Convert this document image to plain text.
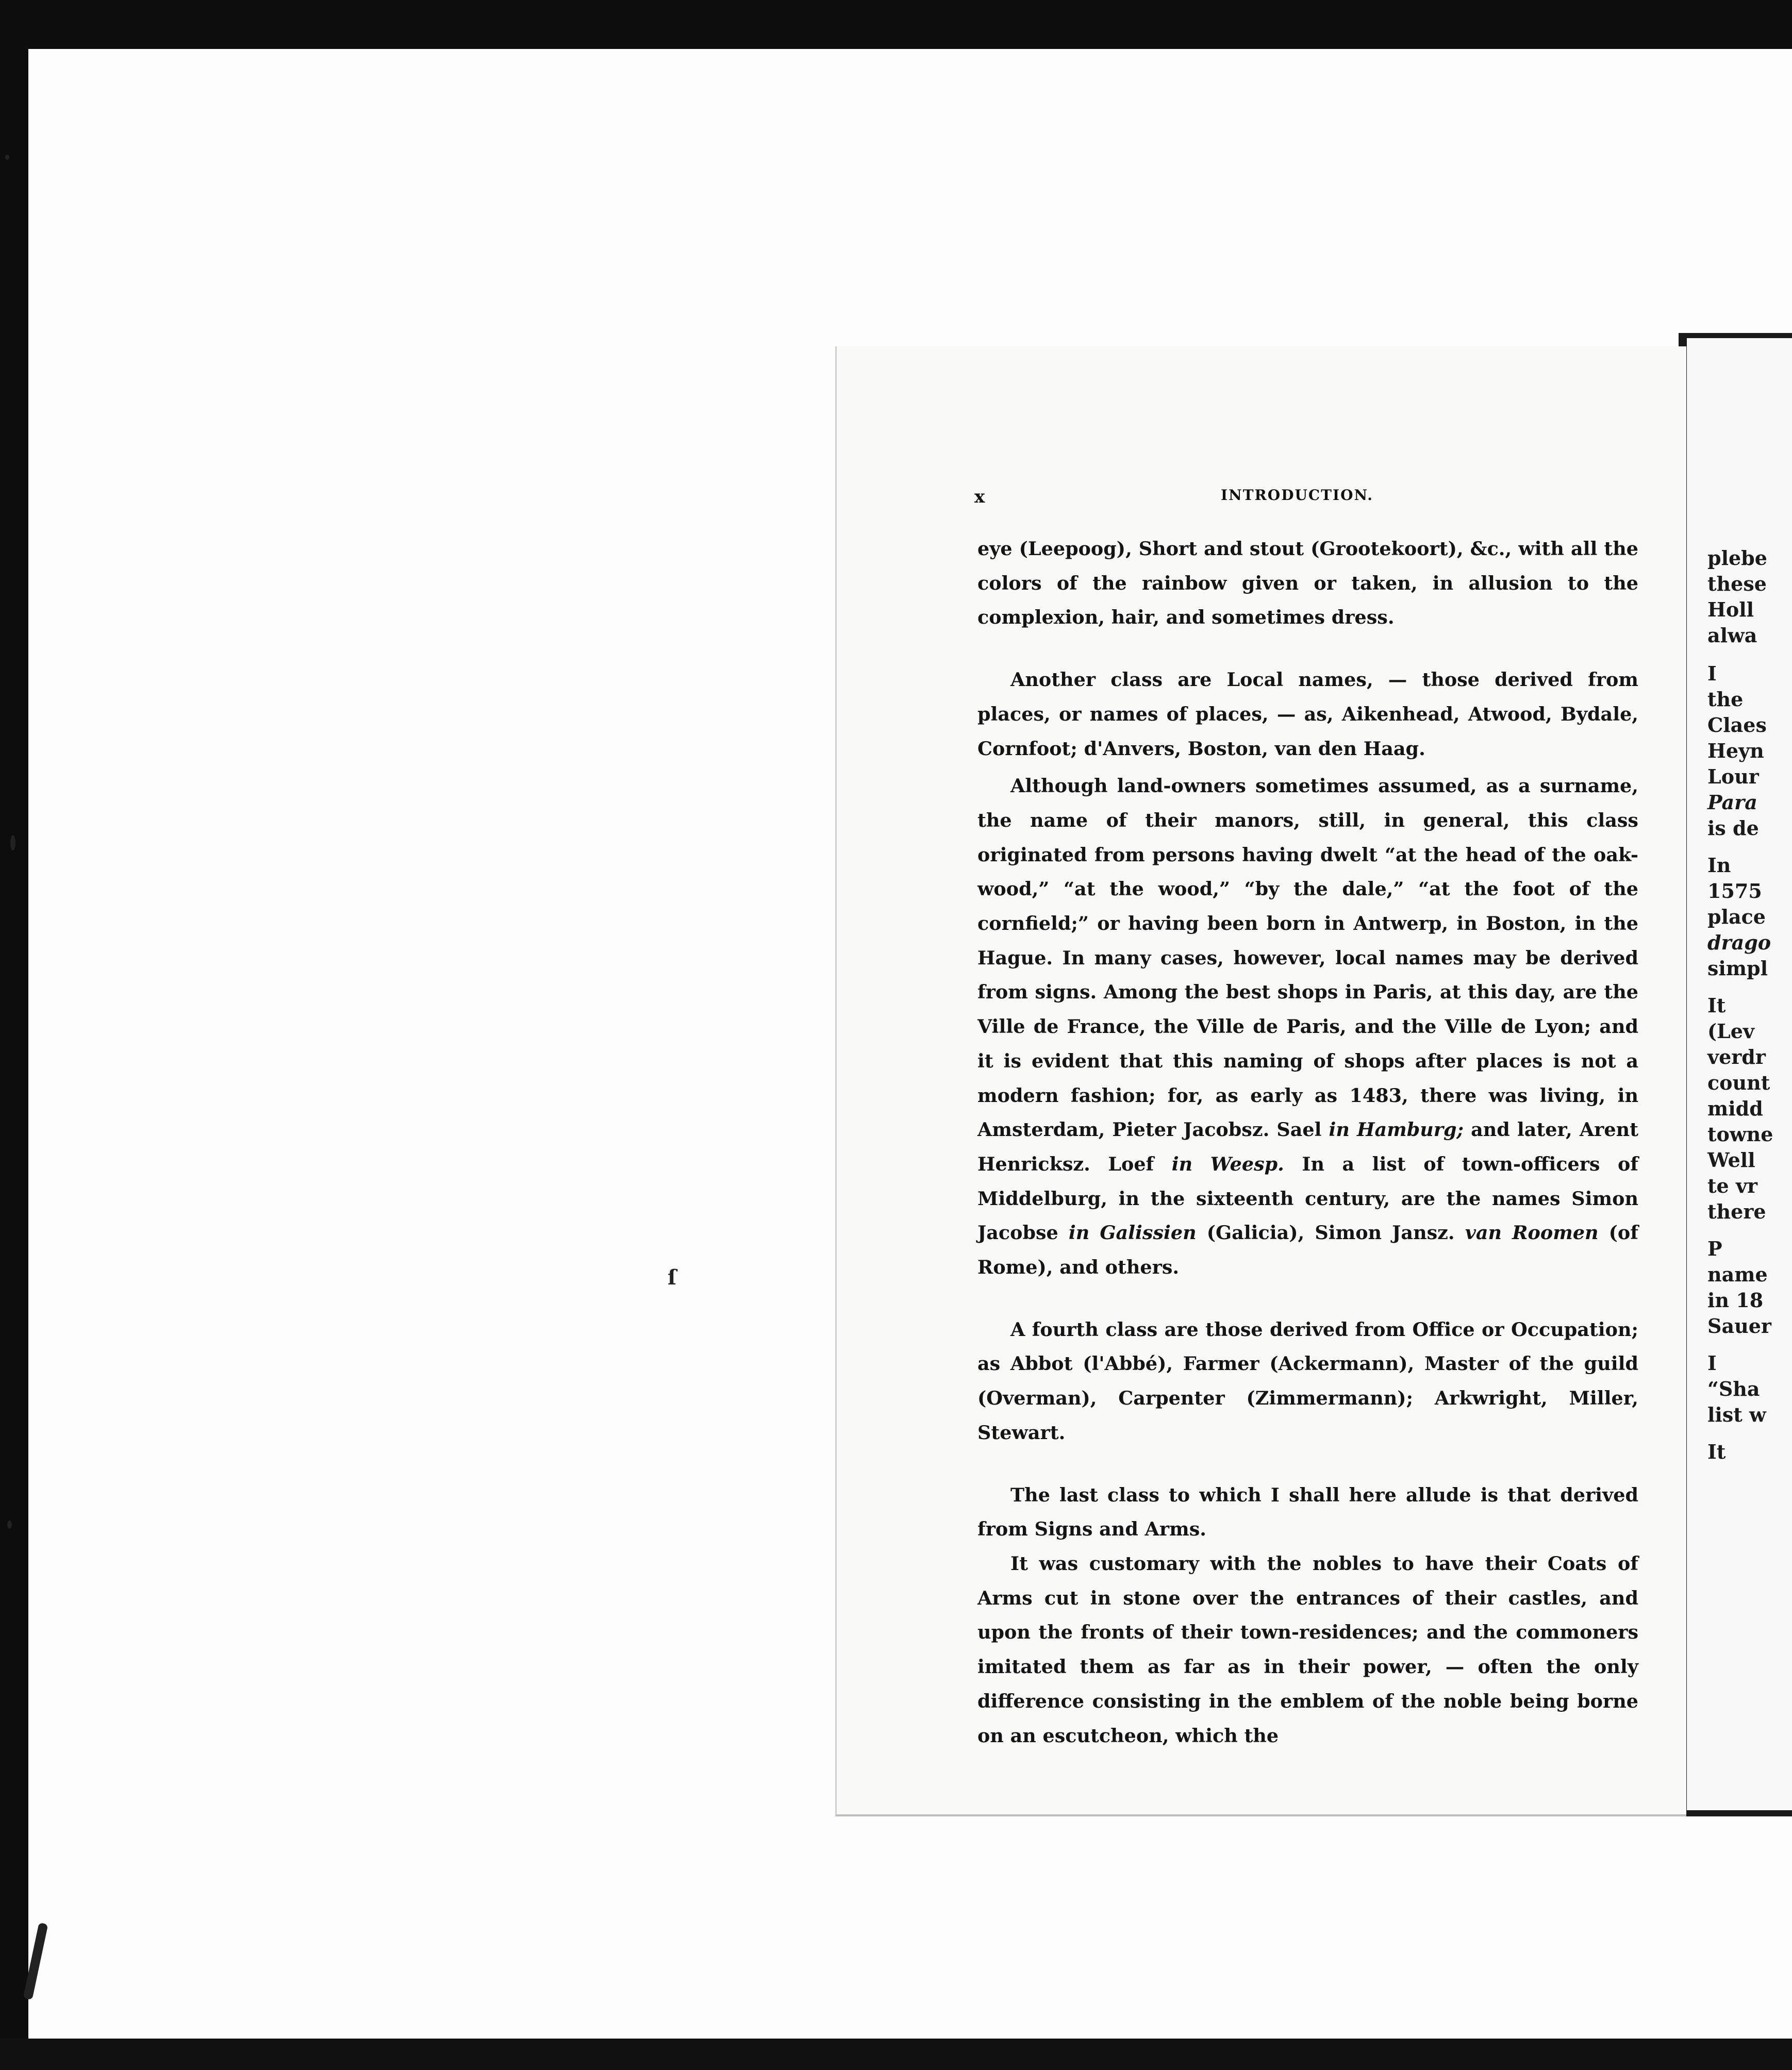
ſ
x	INTRODUCTION.

eye (Leepoog), Short and stout (Grootekoort), &c., with all the colors of the rainbow given or taken, in allusion to the complexion, hair, and sometimes dress.

Another class are Local names, — those derived from places, or names of places, — as, Aikenhead, Atwood, Bydale, Cornfoot; d'Anvers, Boston, van den Haag.

Although land-owners sometimes assumed, as a surname, the name of their manors, still, in general, this class originated from persons having dwelt “at the head of the oak-wood,” “at the wood,” “by the dale,” “at the foot of the cornfield;” or having been born in Antwerp, in Boston, in the Hague. In many cases, however, local names may be derived from signs. Among the best shops in Paris, at this day, are the Ville de France, the Ville de Paris, and the Ville de Lyon; and it is evident that this naming of shops after places is not a modern fashion; for, as early as 1483, there was living, in Amsterdam, Pieter Jacobsz. Sael in Hamburg; and later, Arent Henricksz. Loef in Weesp. In a list of town-officers of Middelburg, in the sixteenth century, are the names Simon Jacobse in Galissien (Galicia), Simon Jansz. van Roomen (of Rome), and others.

A fourth class are those derived from Office or Occupation; as Abbot (l'Abbé), Farmer (Ackermann), Master of the guild (Overman), Carpenter (Zimmermann); Arkwright, Miller, Stewart.

The last class to which I shall here allude is that derived from Signs and Arms.

It was customary with the nobles to have their Coats of Arms cut in stone over the entrances of their castles, and upon the fronts of their town-residences; and the commoners imitated them as far as in their power, — often the only difference consisting in the emblem of the noble being borne on an escutcheon, which the

plebe
these
Holl
alwa
I
the
Claes
Heyn
Lour
Para
is de
In
1575
place
drago
simpl
It
(Lev
verdr
count
midd
towne
Well
te vr
there
P
name
in 18
Sauer
I
“Sha
list w
It
